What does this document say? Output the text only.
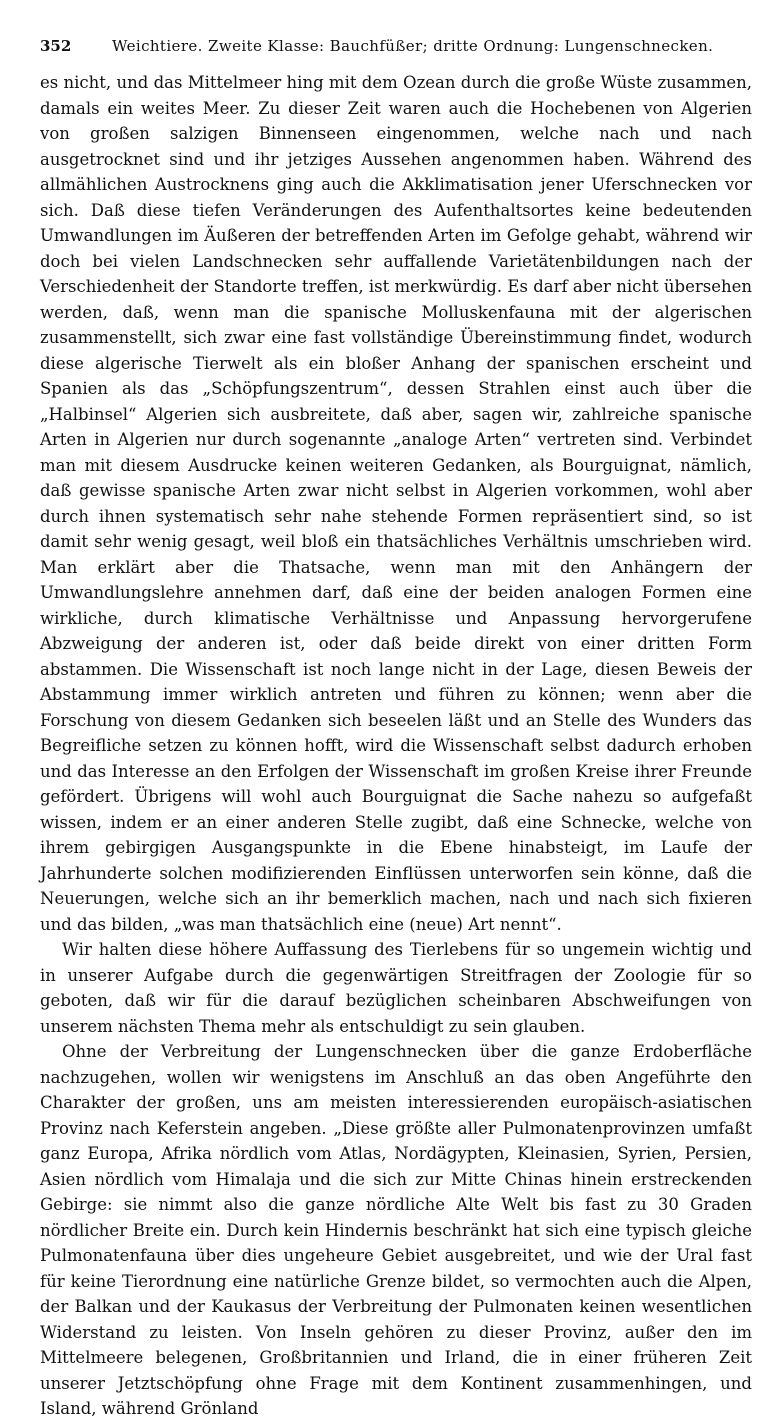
352	Weichtiere. Zweite Klasse: Bauchfüßer; dritte Ordnung: Lungenschnecken.

es nicht, und das Mittelmeer hing mit dem Ozean durch die große Wüste zusammen, damals ein weites Meer. Zu dieser Zeit waren auch die Hochebenen von Algerien von großen salzigen Binnenseen eingenommen, welche nach und nach ausgetrocknet sind und ihr jetziges Aussehen angenommen haben. Während des allmählichen Austrocknens ging auch die Akklimatisation jener Uferschnecken vor sich. Daß diese tiefen Veränderungen des Aufenthaltsortes keine bedeutenden Umwandlungen im Äußeren der betreffenden Arten im Gefolge gehabt, während wir doch bei vielen Landschnecken sehr auffallende Varietätenbildungen nach der Verschiedenheit der Standorte treffen, ist merkwürdig. Es darf aber nicht übersehen werden, daß, wenn man die spanische Molluskenfauna mit der algerischen zusammenstellt, sich zwar eine fast vollständige Übereinstimmung findet, wodurch diese algerische Tierwelt als ein bloßer Anhang der spanischen erscheint und Spanien als das „Schöpfungszentrum“, dessen Strahlen einst auch über die „Halbinsel“ Algerien sich ausbreitete, daß aber, sagen wir, zahlreiche spanische Arten in Algerien nur durch sogenannte „analoge Arten“ vertreten sind. Verbindet man mit diesem Ausdrucke keinen weiteren Gedanken, als Bourguignat, nämlich, daß gewisse spanische Arten zwar nicht selbst in Algerien vorkommen, wohl aber durch ihnen systematisch sehr nahe stehende Formen repräsentiert sind, so ist damit sehr wenig gesagt, weil bloß ein thatsächliches Verhältnis umschrieben wird. Man erklärt aber die Thatsache, wenn man mit den Anhängern der Umwandlungslehre annehmen darf, daß eine der beiden analogen Formen eine wirkliche, durch klimatische Verhältnisse und Anpassung hervorgerufene Abzweigung der anderen ist, oder daß beide direkt von einer dritten Form abstammen. Die Wissenschaft ist noch lange nicht in der Lage, diesen Beweis der Abstammung immer wirklich antreten und führen zu können; wenn aber die Forschung von diesem Gedanken sich beseelen läßt und an Stelle des Wunders das Begreifliche setzen zu können hofft, wird die Wissenschaft selbst dadurch erhoben und das Interesse an den Erfolgen der Wissenschaft im großen Kreise ihrer Freunde gefördert. Übrigens will wohl auch Bourguignat die Sache nahezu so aufgefaßt wissen, indem er an einer anderen Stelle zugibt, daß eine Schnecke, welche von ihrem gebirgigen Ausgangspunkte in die Ebene hinabsteigt, im Laufe der Jahrhunderte solchen modifizierenden Einflüssen unterworfen sein könne, daß die Neuerungen, welche sich an ihr bemerklich machen, nach und nach sich fixieren und das bilden, „was man thatsächlich eine (neue) Art nennt“.

Wir halten diese höhere Auffassung des Tierlebens für so ungemein wichtig und in unserer Aufgabe durch die gegenwärtigen Streitfragen der Zoologie für so geboten, daß wir für die darauf bezüglichen scheinbaren Abschweifungen von unserem nächsten Thema mehr als entschuldigt zu sein glauben.

Ohne der Verbreitung der Lungenschnecken über die ganze Erdoberfläche nachzugehen, wollen wir wenigstens im Anschluß an das oben Angeführte den Charakter der großen, uns am meisten interessierenden europäisch-asiatischen Provinz nach Keferstein angeben. „Diese größte aller Pulmonatenprovinzen umfaßt ganz Europa, Afrika nördlich vom Atlas, Nordägypten, Kleinasien, Syrien, Persien, Asien nördlich vom Himalaja und die sich zur Mitte Chinas hinein erstreckenden Gebirge: sie nimmt also die ganze nördliche Alte Welt bis fast zu 30 Graden nördlicher Breite ein. Durch kein Hindernis beschränkt hat sich eine typisch gleiche Pulmonatenfauna über dies ungeheure Gebiet ausgebreitet, und wie der Ural fast für keine Tierordnung eine natürliche Grenze bildet, so vermochten auch die Alpen, der Balkan und der Kaukasus der Verbreitung der Pulmonaten keinen wesentlichen Widerstand zu leisten. Von Inseln gehören zu dieser Provinz, außer den im Mittelmeere belegenen, Großbritannien und Irland, die in einer früheren Zeit unserer Jetztschöpfung ohne Frage mit dem Kontinent zusammenhingen, und Island, während Grönland
